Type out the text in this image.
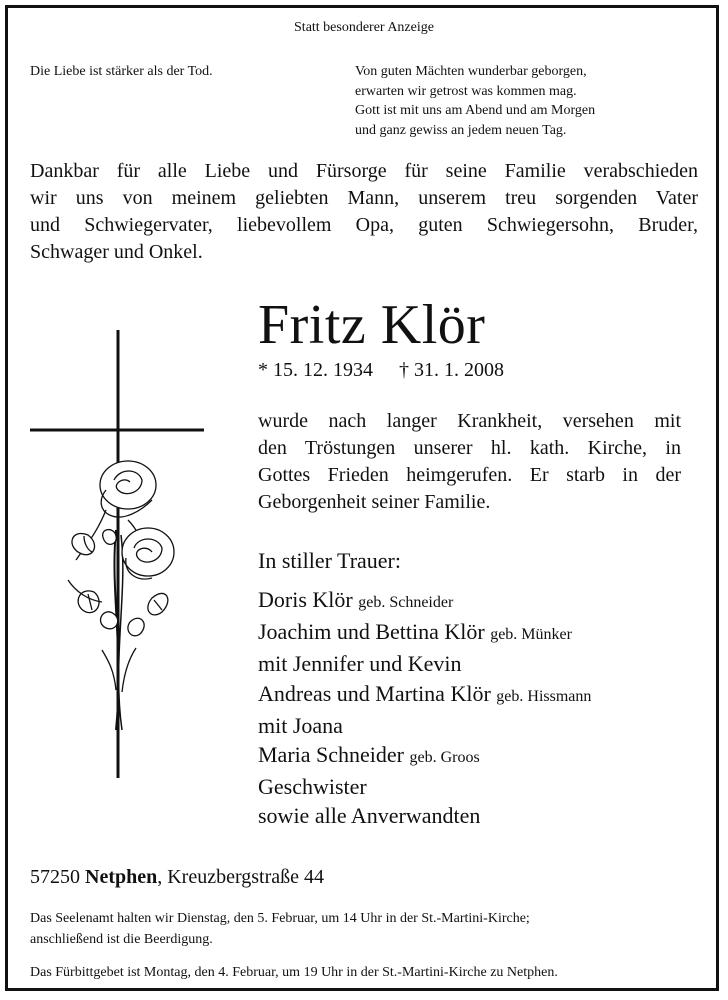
Statt besonderer Anzeige
Die Liebe ist stärker als der Tod.	Von guten Mächten wunderbar geborgen,
erwarten wir getrost was kommen mag.
Gott ist mit uns am Abend und am Morgen
und ganz gewiss an jedem neuen Tag.
Dankbar für alle Liebe und Fürsorge für seine Familie verabschieden
wir uns von meinem geliebten Mann, unserem treu sorgenden Vater
und Schwiegervater, liebevollem Opa, guten Schwiegersohn, Bruder,
Schwager und Onkel.
Fritz Klör
* 15. 12. 1934 † 31. 1. 2008
wurde nach langer Krankheit, versehen mit
den Tröstungen unserer hl. kath. Kirche, in
Gottes Frieden heimgerufen. Er starb in der
Geborgenheit seiner Familie.
In stiller Trauer:
Doris Klör geb. Schneider
Joachim und Bettina Klör geb. Münker
mit Jennifer und Kevin
Andreas und Martina Klör geb. Hissmann
mit Joana
Maria Schneider geb. Groos
Geschwister
sowie alle Anverwandten
57250 Netphen, Kreuzbergstraße 44
Das Seelenamt halten wir Dienstag, den 5. Februar, um 14 Uhr in der St.-Martini-Kirche;
anschließend ist die Beerdigung.
Das Fürbittgebet ist Montag, den 4. Februar, um 19 Uhr in der St.-Martini-Kirche zu Netphen.
